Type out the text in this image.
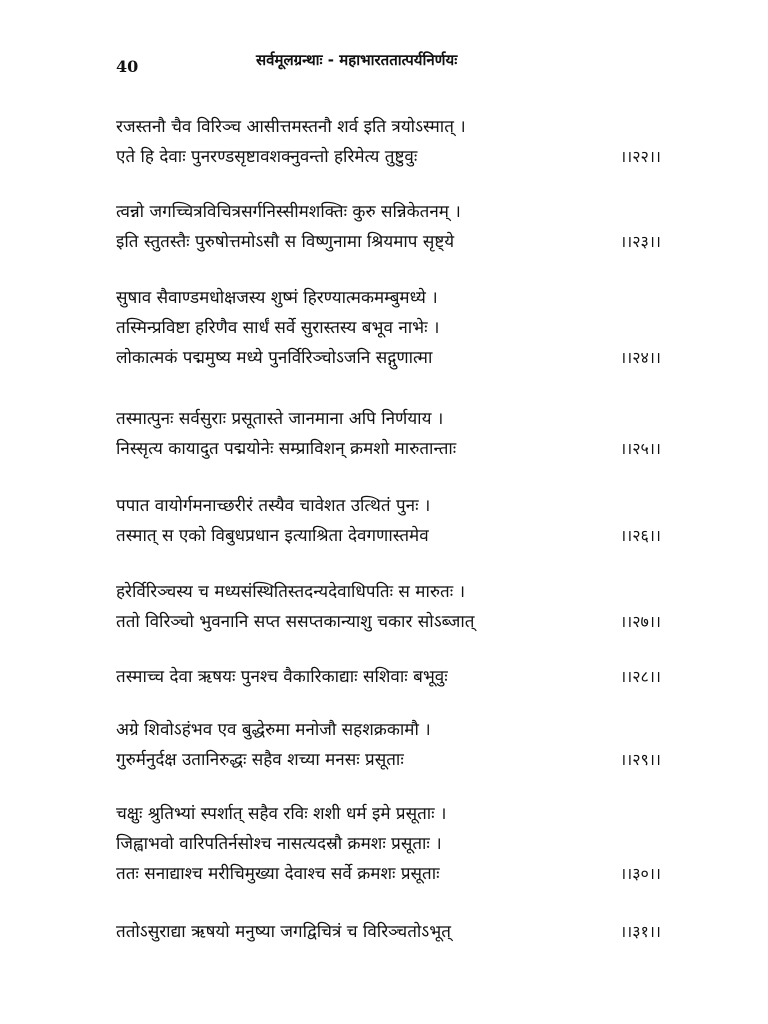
40	सर्वमूलग्रन्थाः - महाभारततात्पर्यनिर्णयः
रजस्तनौ चैव विरिञ्च आसीत्तमस्तनौ शर्व इति त्रयोऽस्मात् ।
एते हि देवाः पुनरण्डसृष्टावशक्नुवन्तो हरिमेत्य तुष्टुवुः	।।२२।।
त्वन्नो जगच्चित्रविचित्रसर्गनिस्सीमशक्तिः कुरु सन्निकेतनम् ।
इति स्तुतस्तैः पुरुषोत्तमोऽसौ स विष्णुनामा श्रियमाप सृष्ट्ये	।।२३।।
सुषाव सैवाण्डमधोक्षजस्य शुष्मं हिरण्यात्मकमम्बुमध्ये ।
तस्मिन्प्रविष्टा हरिणैव सार्धं सर्वे सुरास्तस्य बभूव नाभेः ।
लोकात्मकं पद्ममुष्य मध्ये पुनर्विरिञ्चोऽजनि सद्गुणात्मा	।।२४।।
तस्मात्पुनः सर्वसुराः प्रसूतास्ते जानमाना अपि निर्णयाय ।
निस्सृत्य कायादुत पद्मयोनेः सम्प्राविशन् क्रमशो मारुतान्ताः	।।२५।।
पपात वायोर्गमनाच्छरीरं तस्यैव चावेशत उत्थितं पुनः ।
तस्मात् स एको विबुधप्रधान इत्याश्रिता देवगणास्तमेव	।।२६।।
हरेर्विरिञ्चस्य च मध्यसंस्थितिस्तदन्यदेवाधिपतिः स मारुतः ।
ततो विरिञ्चो भुवनानि सप्त ससप्तकान्याशु चकार सोऽब्जात्	।।२७।।
तस्माच्च देवा ऋषयः पुनश्च वैकारिकाद्याः सशिवाः बभूवुः	।।२८।।
अग्रे शिवोऽहंभव एव बुद्धेरुमा मनोजौ सहशक्रकामौ ।
गुरुर्मनुर्दक्ष उतानिरुद्धः सहैव शच्या मनसः प्रसूताः	।।२९।।
चक्षुः श्रुतिभ्यां स्पर्शात् सहैव रविः शशी धर्म इमे प्रसूताः ।
जिह्वाभवो वारिपतिर्नसोश्च नासत्यदस्रौ क्रमशः प्रसूताः ।
ततः सनाद्याश्च मरीचिमुख्या देवाश्च सर्वे क्रमशः प्रसूताः	।।३०।।
ततोऽसुराद्या ऋषयो मनुष्या जगद्विचित्रं च विरिञ्चतोऽभूत्	।।३१।।
